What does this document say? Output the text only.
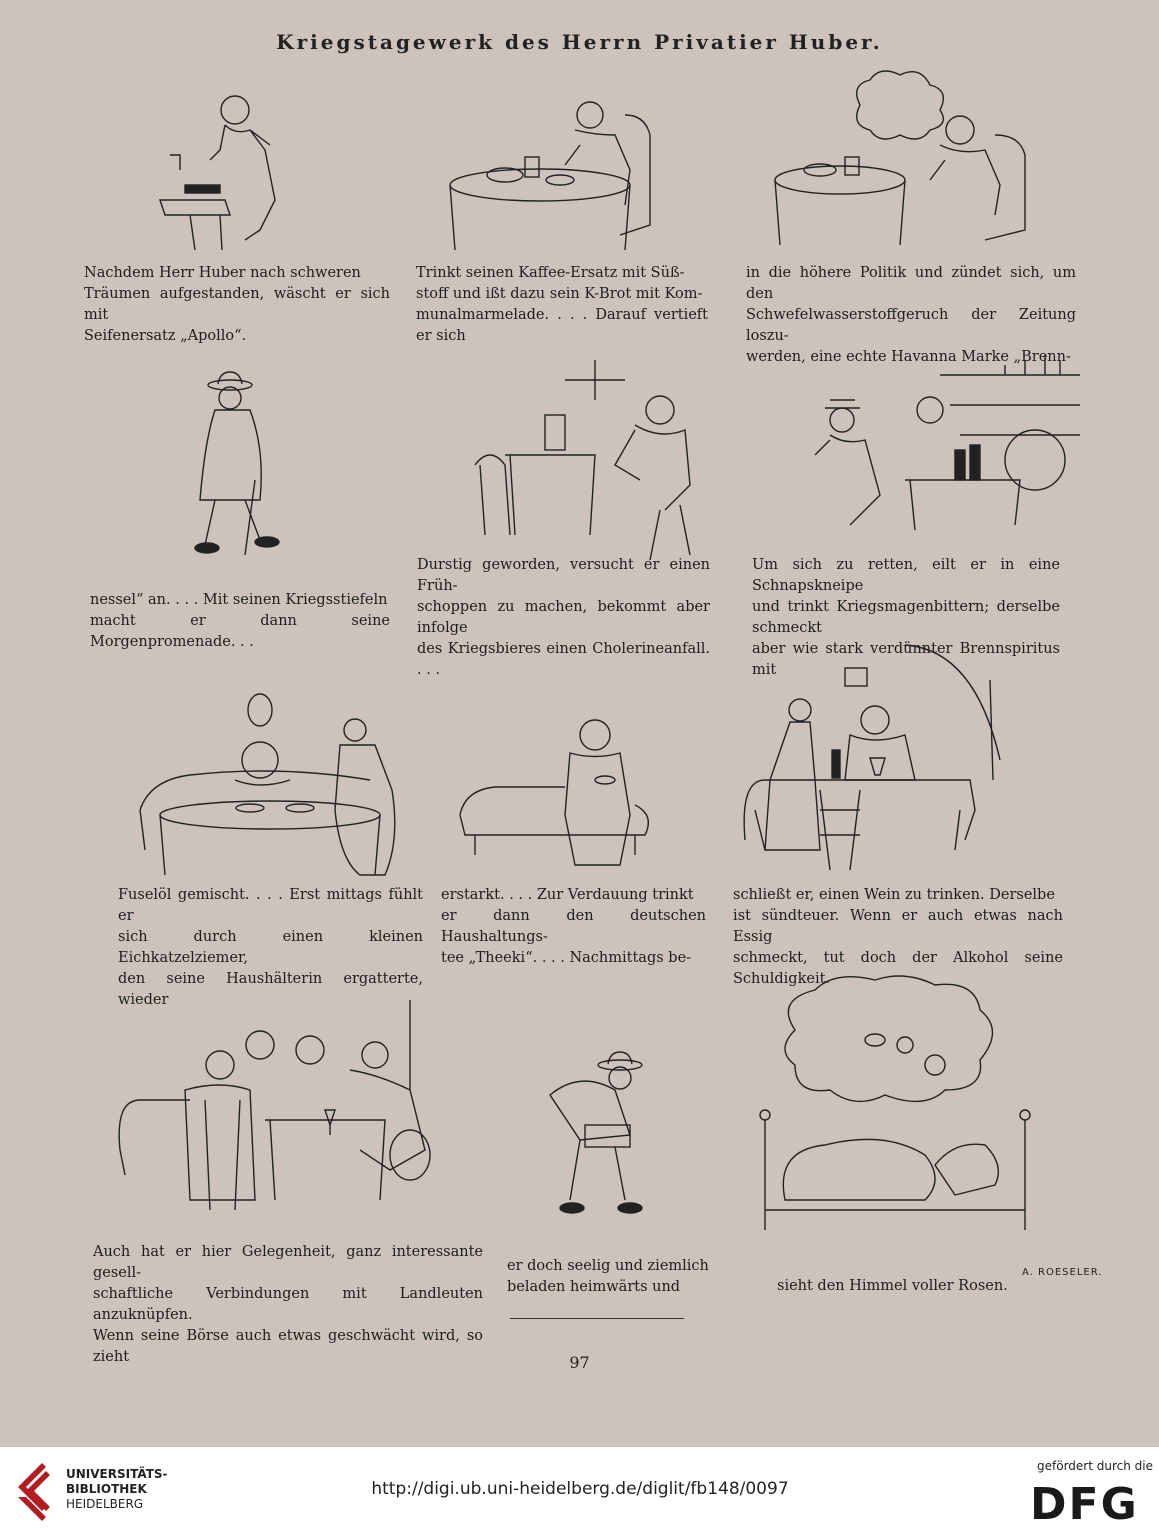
Kriegstagewerk des Herrn Privatier Huber.

Nachdem Herr Huber nach schweren

Träumen aufgestanden, wäscht er sich mit

Seifenersatz „Apollo“.

Trinkt seinen Kaffee-Ersatz mit Süß-

stoff und ißt dazu sein K-Brot mit Kom-

munalmarmelade. . . . Darauf vertieft er sich

in die höhere Politik und zündet sich, um den

Schwefelwasserstoffgeruch der Zeitung loszu-

werden, eine echte Havanna Marke „Brenn-

nessel“ an. . . . Mit seinen Kriegsstiefeln

macht er dann seine Morgenpromenade. . .

Durstig geworden, versucht er einen Früh-

schoppen zu machen, bekommt aber infolge

des Kriegsbieres einen Cholerineanfall. . . .

Um sich zu retten, eilt er in eine Schnapskneipe

und trinkt Kriegsmagenbittern; derselbe schmeckt

aber wie stark verdünnter Brennspiritus mit

Fuselöl gemischt. . . . Erst mittags fühlt er

sich durch einen kleinen Eichkatzelziemer,

den seine Haushälterin ergatterte, wieder

erstarkt. . . . Zur Verdauung trinkt

er dann den deutschen Haushaltungs-

tee „Theeki“. . . . Nachmittags be-

schließt er, einen Wein zu trinken. Derselbe

ist sündteuer. Wenn er auch etwas nach Essig

schmeckt, tut doch der Alkohol seine Schuldigkeit.

A. ROESELER.

Auch hat er hier Gelegenheit, ganz interessante gesell-

schaftliche Verbindungen mit Landleuten anzuknüpfen.

Wenn seine Börse auch etwas geschwächt wird, so zieht

er doch seelig und ziemlich

beladen heimwärts und	sieht den Himmel voller Rosen.

97
UNIVERSITÄTS-
BIBLIOTHEK
HEIDELBERG
http://digi.ub.uni-heidelberg.de/diglit/fb148/0097
gefördert durch die
DFG
